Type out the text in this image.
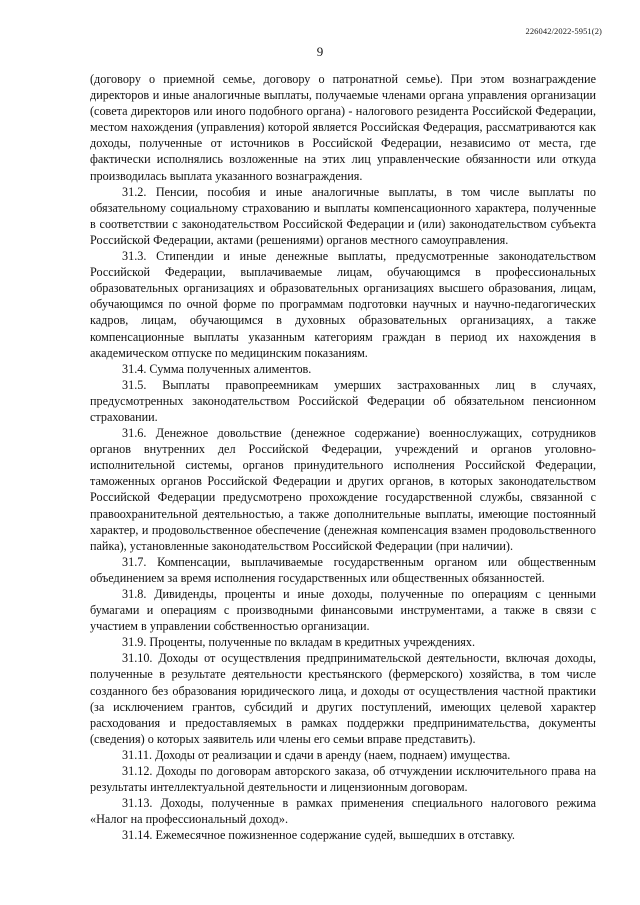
226042/2022-5951(2)
9

(договору о приемной семье, договору о патронатной семье). При этом вознаграждение директоров и иные аналогичные выплаты, получаемые членами органа управления организации (совета директоров или иного подобного органа) - налогового резидента Российской Федерации, местом нахождения (управления) которой является Российская Федерация, рассматриваются как доходы, полученные от источников в Российской Федерации, независимо от места, где фактически исполнялись возложенные на этих лиц управленческие обязанности или откуда производилась выплата указанного вознаграждения.

31.2. Пенсии, пособия и иные аналогичные выплаты, в том числе выплаты по обязательному социальному страхованию и выплаты компенсационного характера, полученные в соответствии с законодательством Российской Федерации и (или) законодательством субъекта Российской Федерации, актами (решениями) органов местного самоуправления.

31.3. Стипендии и иные денежные выплаты, предусмотренные законодательством Российской Федерации, выплачиваемые лицам, обучающимся в профессиональных образовательных организациях и образовательных организациях высшего образования, лицам, обучающимся по очной форме по программам подготовки научных и научно-педагогических кадров, лицам, обучающимся в духовных образовательных организациях, а также компенсационные выплаты указанным категориям граждан в период их нахождения в академическом отпуске по медицинским показаниям.

31.4. Сумма полученных алиментов.

31.5. Выплаты правопреемникам умерших застрахованных лиц в случаях, предусмотренных законодательством Российской Федерации об обязательном пенсионном страховании.

31.6. Денежное довольствие (денежное содержание) военнослужащих, сотрудников органов внутренних дел Российской Федерации, учреждений и органов уголовно-исполнительной системы, органов принудительного исполнения Российской Федерации, таможенных органов Российской Федерации и других органов, в которых законодательством Российской Федерации предусмотрено прохождение государственной службы, связанной с правоохранительной деятельностью, а также дополнительные выплаты, имеющие постоянный характер, и продовольственное обеспечение (денежная компенсация взамен продовольственного пайка), установленные законодательством Российской Федерации (при наличии).

31.7. Компенсации, выплачиваемые государственным органом или общественным объединением за время исполнения государственных или общественных обязанностей.

31.8. Дивиденды, проценты и иные доходы, полученные по операциям с ценными бумагами и операциям с производными финансовыми инструментами, а также в связи с участием в управлении собственностью организации.

31.9. Проценты, полученные по вкладам в кредитных учреждениях.

31.10. Доходы от осуществления предпринимательской деятельности, включая доходы, полученные в результате деятельности крестьянского (фермерского) хозяйства, в том числе созданного без образования юридического лица, и доходы от осуществления частной практики (за исключением грантов, субсидий и других поступлений, имеющих целевой характер расходования и предоставляемых в рамках поддержки предпринимательства, документы (сведения) о которых заявитель или члены его семьи вправе представить).

31.11. Доходы от реализации и сдачи в аренду (наем, поднаем) имущества.

31.12. Доходы по договорам авторского заказа, об отчуждении исключительного права на результаты интеллектуальной деятельности и лицензионным договорам.

31.13. Доходы, полученные в рамках применения специального налогового режима «Налог на профессиональный доход».

31.14. Ежемесячное пожизненное содержание судей, вышедших в отставку.
